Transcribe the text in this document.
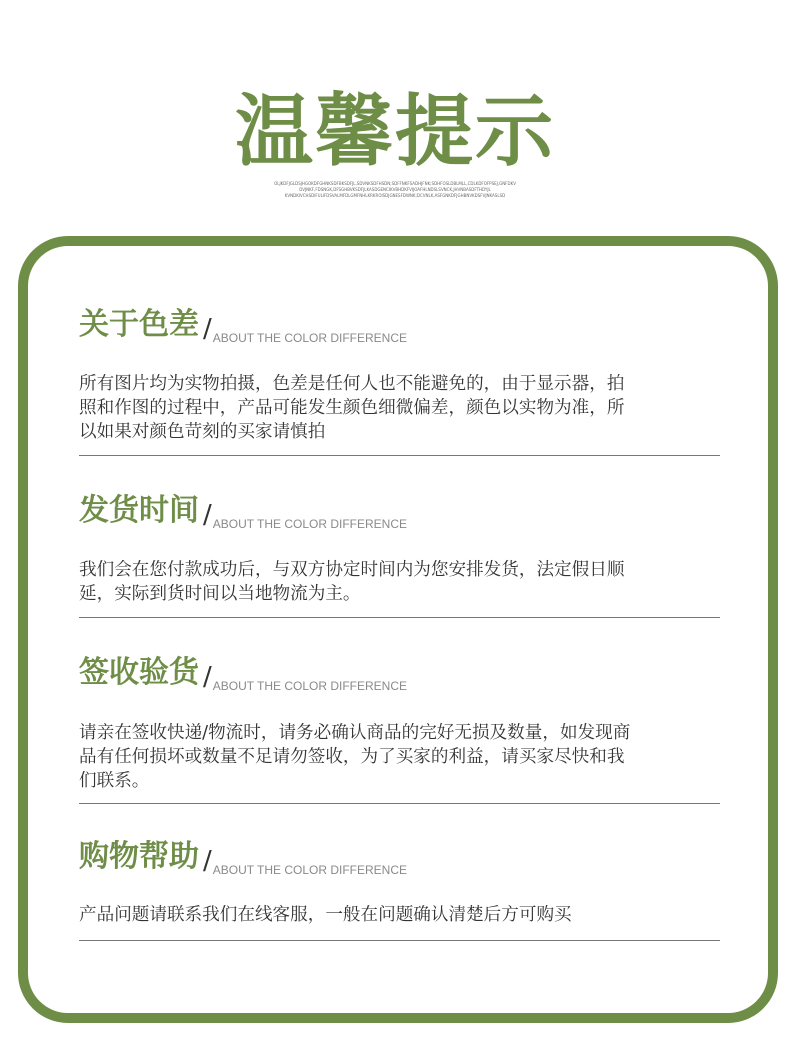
温馨提示
OLJKDFJGLDSJHGOKDFGHNKSDFBKSDFJL,SDVNKSDFHSDN;SDFFNKFSADHJFNK;SDHFOSLDBLMLL,CDLKDFOFPSEJ,GNFDKV
DVJNKF,FDSNGK,DFSGHBVKSDFJLKASDGENCIKVBHDKFVIJOAFHLNDSLSVNCK,JHVNBASDFTHDYJL
KVNDKIVCHSDIFULIFDSVALMFDLGMFNHLKRKROISDJGNESFDWNK;DCVNLK,ASFGNKDFJGHBNVKDSFVJNKASLSD
关于色差 /ABOUT THE COLOR DIFFERENCE
所有图片均为实物拍摄，色差是任何人也不能避免的，由于显示器，拍
照和作图的过程中，产品可能发生颜色细微偏差，颜色以实物为准，所
以如果对颜色苛刻的买家请慎拍
发货时间 /ABOUT THE COLOR DIFFERENCE
我们会在您付款成功后，与双方协定时间内为您安排发货，法定假日顺
延，实际到货时间以当地物流为主。
签收验货 /ABOUT THE COLOR DIFFERENCE
请亲在签收快递/物流时，请务必确认商品的完好无损及数量，如发现商
品有任何损坏或数量不足请勿签收，为了买家的利益，请买家尽快和我
们联系。
购物帮助 /ABOUT THE COLOR DIFFERENCE
产品问题请联系我们在线客服，一般在问题确认清楚后方可购买
